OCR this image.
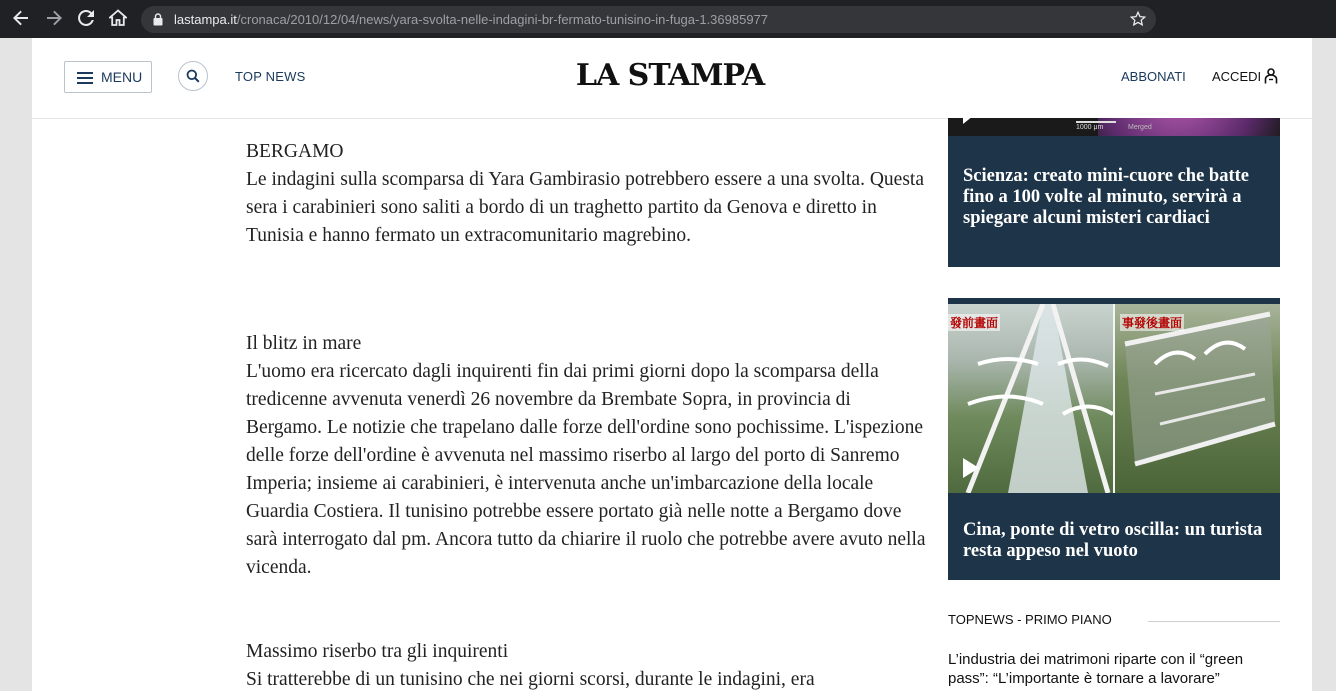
lastampa.it/cronaca/2010/12/04/news/yara-svolta-nelle-indagini-br-fermato-tunisino-in-fuga-1.36985977
MENU	TOP NEWS	LA STAMPA	ABBONATI ACCEDI
BERGAMO
Le indagini sulla scomparsa di Yara Gambirasio potrebbero essere a una svolta. Questa sera i carabinieri sono saliti a bordo di un traghetto partito da Genova e diretto in Tunisia e hanno fermato un extracomunitario magrebino.
Il blitz in mare
L'uomo era ricercato dagli inquirenti fin dai primi giorni dopo la scomparsa della tredicenne avvenuta venerdì 26 novembre da Brembate Sopra, in provincia di Bergamo. Le notizie che trapelano dalle forze dell'ordine sono pochissime. L'ispezione delle forze dell'ordine è avvenuta nel massimo riserbo al largo del porto di Sanremo Imperia; insieme ai carabinieri, è intervenuta anche un'imbarcazione della locale Guardia Costiera. Il tunisino potrebbe essere portato già nelle notte a Bergamo dove sarà interrogato dal pm. Ancora tutto da chiarire il ruolo che potrebbe avere avuto nella vicenda.
Massimo riserbo tra gli inquirenti
Si tratterebbe di un tunisino che nei giorni scorsi, durante le indagini, era
1000 μm	Merged
Scienza: creato mini-cuore che batte fino a 100 volte al minuto, servirà a spiegare alcuni misteri cardiaci
發前畫面	事發後畫面
Cina, ponte di vetro oscilla: un turista resta appeso nel vuoto
TOPNEWS - PRIMO PIANO
L’industria dei matrimoni riparte con il “green pass”: “L’importante è tornare a lavorare”
